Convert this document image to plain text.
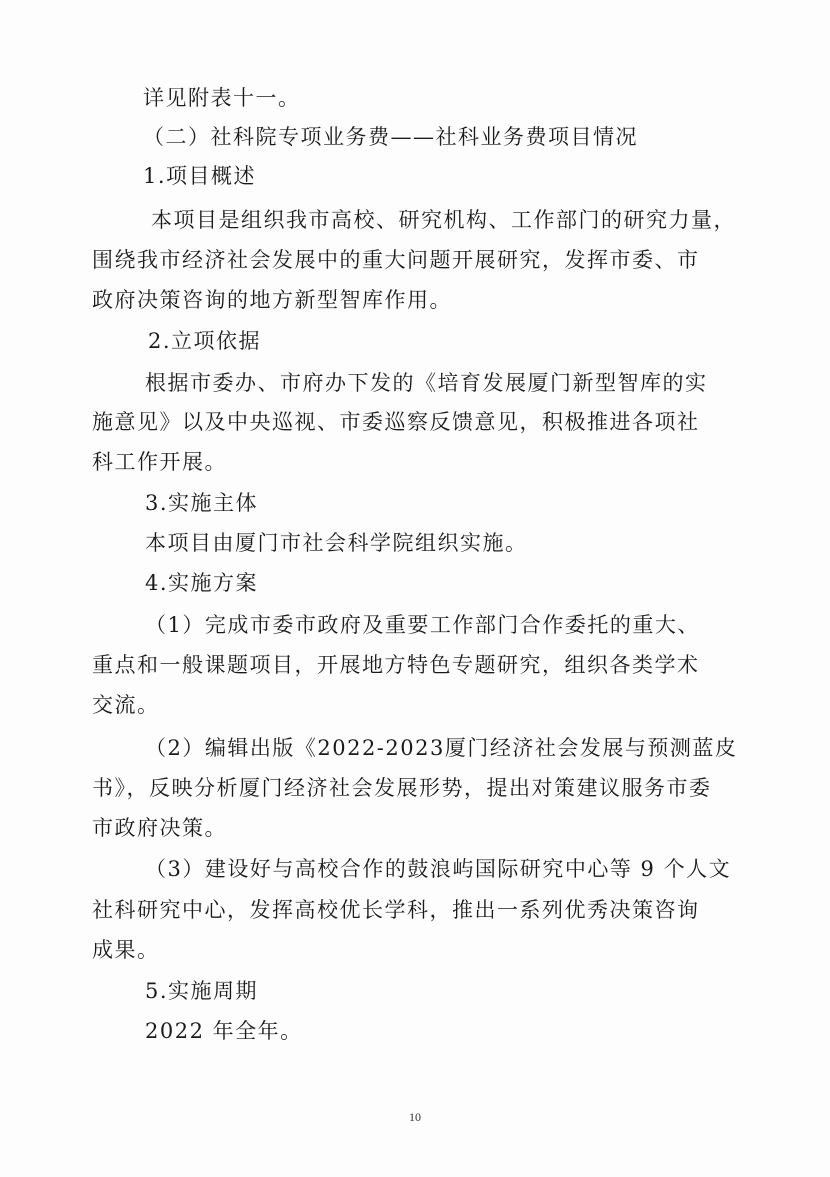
详见附表十一。
（二）社科院专项业务费——社科业务费项目情况
1.项目概述
本项目是组织我市高校、研究机构、工作部门的研究力量，
围绕我市经济社会发展中的重大问题开展研究，发挥市委、市
政府决策咨询的地方新型智库作用。
2.立项依据
根据市委办、市府办下发的《培育发展厦门新型智库的实
施意见》以及中央巡视、市委巡察反馈意见，积极推进各项社
科工作开展。
3.实施主体
本项目由厦门市社会科学院组织实施。
4.实施方案
（1）完成市委市政府及重要工作部门合作委托的重大、
重点和一般课题项目，开展地方特色专题研究，组织各类学术
交流。
（2）编辑出版《2022-2023厦门经济社会发展与预测蓝皮
书》，反映分析厦门经济社会发展形势，提出对策建议服务市委
市政府决策。
（3）建设好与高校合作的鼓浪屿国际研究中心等 9 个人文
社科研究中心，发挥高校优长学科，推出一系列优秀决策咨询
成果。
5.实施周期
2022 年全年。
10
